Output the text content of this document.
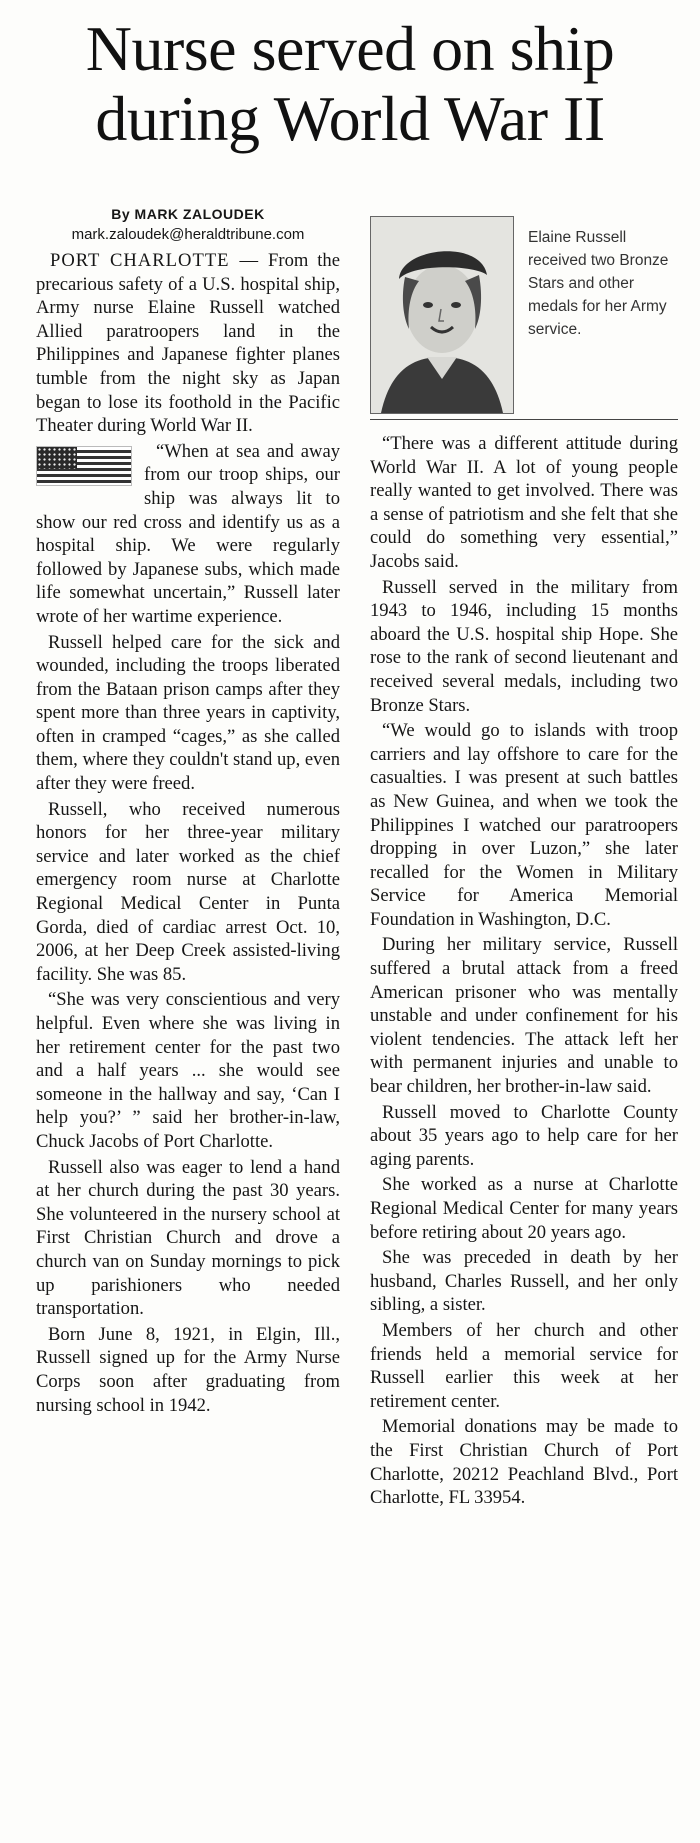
Nurse served on ship during World War II
By MARK ZALOUDEK
mark.zaloudek@heraldtribune.com

PORT CHARLOTTE — From the precarious safety of a U.S. hospital ship, Army nurse Elaine Russell watched Allied paratroopers land in the Philippines and Japanese fighter planes tumble from the night sky as Japan began to lose its foothold in the Pacific Theater during World War II.

“When at sea and away from our troop ships, our ship was always lit to show our red cross and identify us as a hospital ship. We were regularly followed by Japanese subs, which made life somewhat uncertain,” Russell later wrote of her wartime experience.

Russell helped care for the sick and wounded, including the troops liberated from the Bataan prison camps after they spent more than three years in captivity, often in cramped “cages,” as she called them, where they couldn't stand up, even after they were freed.

Russell, who received numerous honors for her three-year military service and later worked as the chief emergency room nurse at Charlotte Regional Medical Center in Punta Gorda, died of cardiac arrest Oct. 10, 2006, at her Deep Creek assisted-living facility. She was 85.

“She was very conscientious and very helpful. Even where she was living in her retirement center for the past two and a half years ... she would see someone in the hallway and say, ‘Can I help you?’ ” said her brother-in-law, Chuck Jacobs of Port Charlotte.

Russell also was eager to lend a hand at her church during the past 30 years. She volunteered in the nursery school at First Christian Church and drove a church van on Sunday mornings to pick up parishioners who needed transportation.

Born June 8, 1921, in Elgin, Ill., Russell signed up for the Army Nurse Corps soon after graduating from nursing school in 1942.

Elaine Russell received two Bronze Stars and other medals for her Army service.

“There was a different attitude during World War II. A lot of young people really wanted to get involved. There was a sense of patriotism and she felt that she could do something very essential,” Jacobs said.

Russell served in the military from 1943 to 1946, including 15 months aboard the U.S. hospital ship Hope. She rose to the rank of second lieutenant and received several medals, including two Bronze Stars.

“We would go to islands with troop carriers and lay offshore to care for the casualties. I was present at such battles as New Guinea, and when we took the Philippines I watched our paratroopers dropping in over Luzon,” she later recalled for the Women in Military Service for America Memorial Foundation in Washington, D.C.

During her military service, Russell suffered a brutal attack from a freed American prisoner who was mentally unstable and under confinement for his violent tendencies. The attack left her with permanent injuries and unable to bear children, her brother-in-law said.

Russell moved to Charlotte County about 35 years ago to help care for her aging parents.

She worked as a nurse at Charlotte Regional Medical Center for many years before retiring about 20 years ago.

She was preceded in death by her husband, Charles Russell, and her only sibling, a sister.

Members of her church and other friends held a memorial service for Russell earlier this week at her retirement center.

Memorial donations may be made to the First Christian Church of Port Charlotte, 20212 Peachland Blvd., Port Charlotte, FL 33954.
